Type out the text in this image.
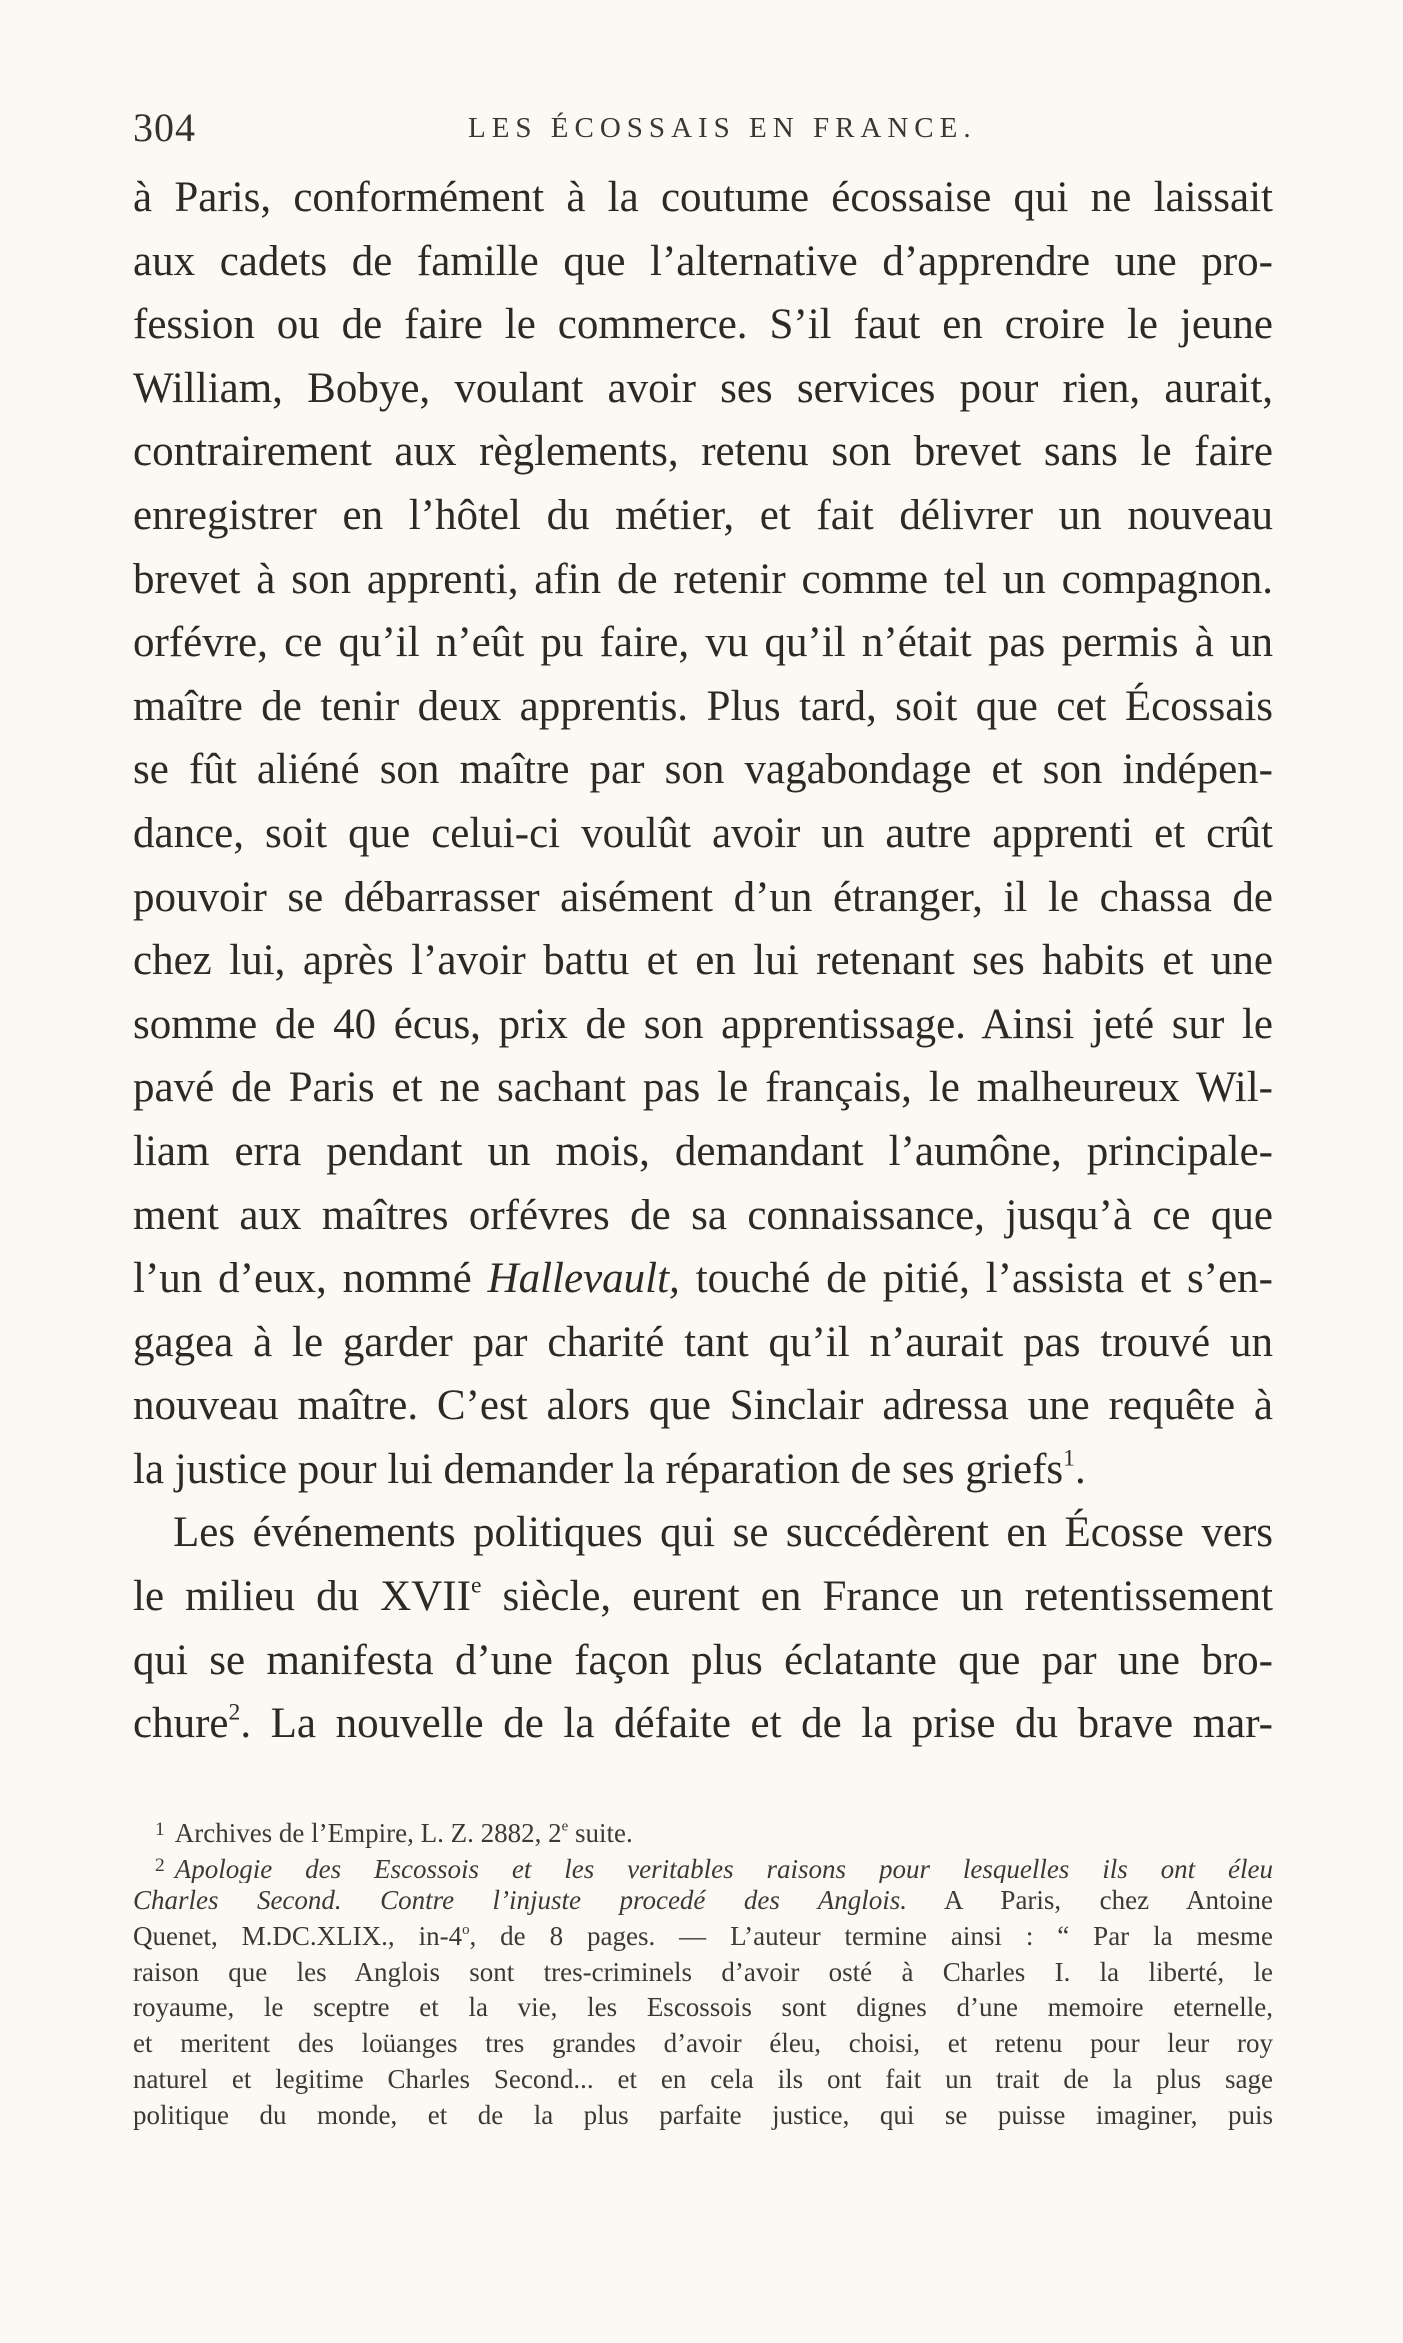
304	LES ÉCOSSAIS EN FRANCE.
à Paris, conformément à la coutume écossaise qui ne laissait
aux cadets de famille que l’alternative d’apprendre une pro-
fession ou de faire le commerce. S’il faut en croire le jeune
William, Bobye, voulant avoir ses services pour rien, aurait,
contrairement aux règlements, retenu son brevet sans le faire
enregistrer en l’hôtel du métier, et fait délivrer un nouveau
brevet à son apprenti, afin de retenir comme tel un compagnon.
orfévre, ce qu’il n’eût pu faire, vu qu’il n’était pas permis à un
maître de tenir deux apprentis. Plus tard, soit que cet Écossais
se fût aliéné son maître par son vagabondage et son indépen-
dance, soit que celui-ci voulût avoir un autre apprenti et crût
pouvoir se débarrasser aisément d’un étranger, il le chassa de
chez lui, après l’avoir battu et en lui retenant ses habits et une
somme de 40 écus, prix de son apprentissage. Ainsi jeté sur le
pavé de Paris et ne sachant pas le français, le malheureux Wil-
liam erra pendant un mois, demandant l’aumône, principale-
ment aux maîtres orfévres de sa connaissance, jusqu’à ce que
l’un d’eux, nommé Hallevault, touché de pitié, l’assista et s’en-
gagea à le garder par charité tant qu’il n’aurait pas trouvé un
nouveau maître. C’est alors que Sinclair adressa une requête à
la justice pour lui demander la réparation de ses griefs$^1$.
Les événements politiques qui se succédèrent en Écosse vers
le milieu du XVIIe siècle, eurent en France un retentissement
qui se manifesta d’une façon plus éclatante que par une bro-
chure$^2$. La nouvelle de la défaite et de la prise du brave mar-
$^1$ Archives de l’Empire, L. Z. 2882, 2e suite.
$^2$ Apologie des Escossois et les veritables raisons pour lesquelles ils ont éleu
Charles Second. Contre l’injuste procedé des Anglois. A Paris, chez Antoine
Quenet, M.DC.XLIX., in-4$^o$, de 8 pages. — L’auteur termine ainsi : “ Par la mesme
raison que les Anglois sont tres-criminels d’avoir osté à Charles I. la liberté, le
royaume, le sceptre et la vie, les Escossois sont dignes d’une memoire eternelle,
et meritent des loüanges tres grandes d’avoir éleu, choisi, et retenu pour leur roy
naturel et legitime Charles Second... et en cela ils ont fait un trait de la plus sage
politique du monde, et de la plus parfaite justice, qui se puisse imaginer, puis
